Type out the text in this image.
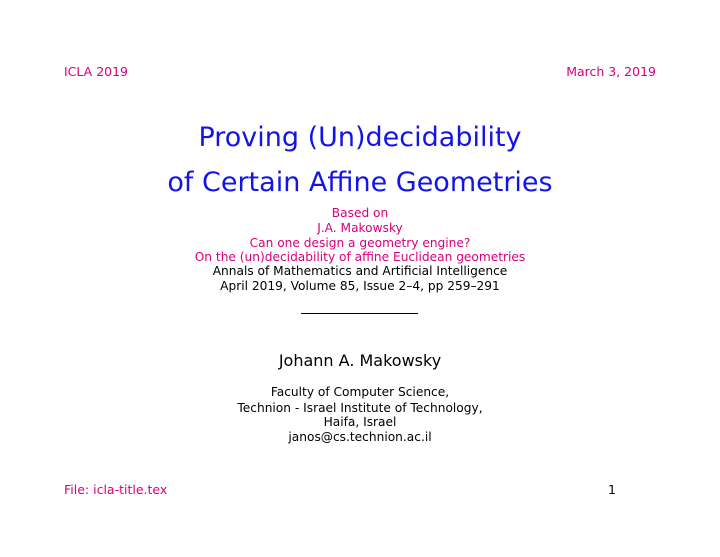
ICLA 2019	March 3, 2019
Proving (Un)decidability
of Certain Affine Geometries
Based on
J.A. Makowsky
Can one design a geometry engine?
On the (un)decidability of affine Euclidean geometries
Annals of Mathematics and Artificial Intelligence
April 2019, Volume 85, Issue 2–4, pp 259–291
Johann A. Makowsky
Faculty of Computer Science,
Technion - Israel Institute of Technology,
Haifa, Israel
janos@cs.technion.ac.il
File: icla-title.tex	1
